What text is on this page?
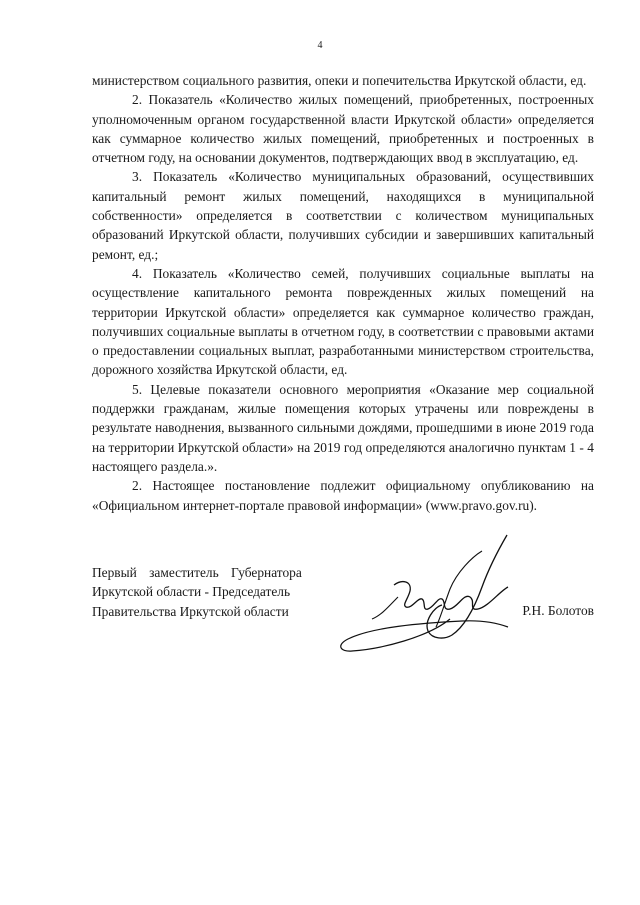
4

министерством социального развития, опеки и попечительства Иркутской области, ед.

2. Показатель «Количество жилых помещений, приобретенных, построенных уполномоченным органом государственной власти Иркутской области» определяется как суммарное количество жилых помещений, приобретенных и построенных в отчетном году, на основании документов, подтверждающих ввод в эксплуатацию, ед.

3. Показатель «Количество муниципальных образований, осуществивших капитальный ремонт жилых помещений, находящихся в муниципальной собственности» определяется в соответствии с количеством муниципальных образований Иркутской области, получивших субсидии и завершивших капитальный ремонт, ед.;

4. Показатель «Количество семей, получивших социальные выплаты на осуществление капитального ремонта поврежденных жилых помещений на территории Иркутской области» определяется как суммарное количество граждан, получивших социальные выплаты в отчетном году, в соответствии с правовыми актами о предоставлении социальных выплат, разработанными министерством строительства, дорожного хозяйства Иркутской области, ед.

5. Целевые показатели основного мероприятия «Оказание мер социальной поддержки гражданам, жилые помещения которых утрачены или повреждены в результате наводнения, вызванного сильными дождями, прошедшими в июне 2019 года на территории Иркутской области» на 2019 год определяются аналогично пунктам 1 - 4 настоящего раздела.».

2. Настоящее постановление подлежит официальному опубликованию на «Официальном интернет-портале правовой информации» (www.pravo.gov.ru).

Первый заместитель Губернатора
Иркутской области - Председатель
Правительства Иркутской области	Р.Н. Болотов
